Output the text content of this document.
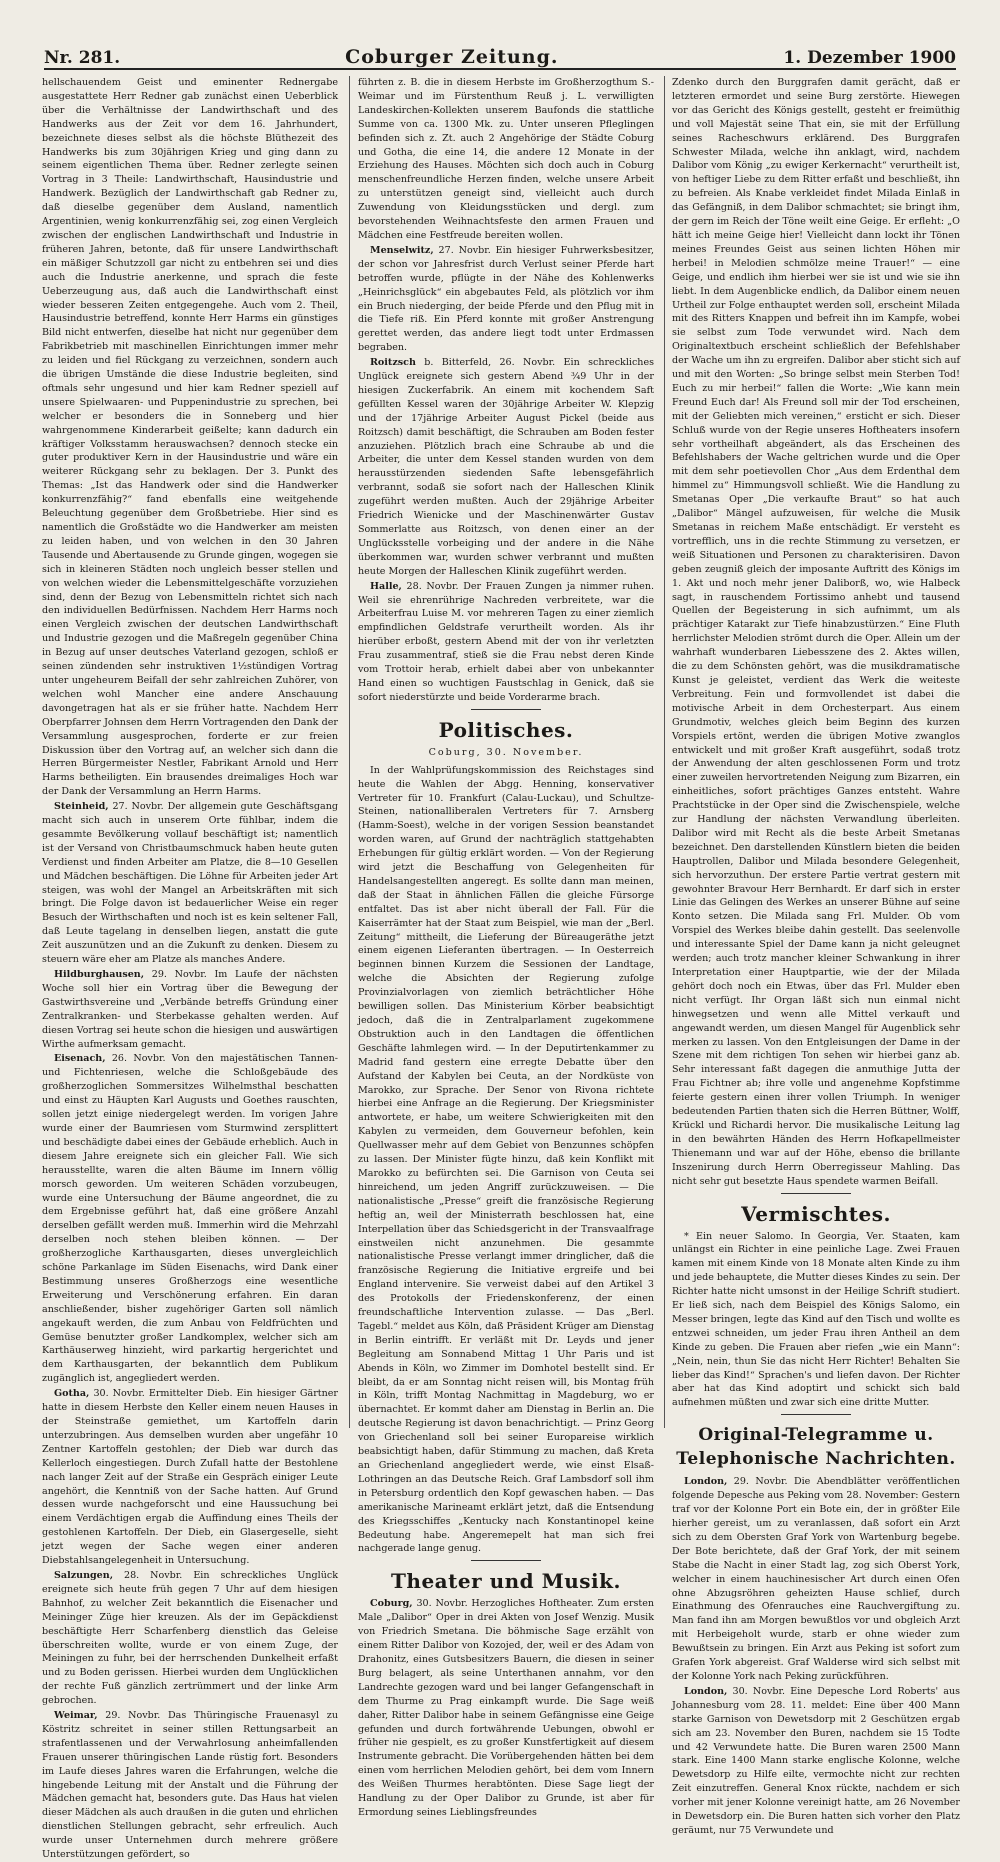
Nr. 281.	Coburger Zeitung.	1. Dezember 1900

hellschauendem Geist und eminenter Rednergabe ausgestattete Herr Redner gab zunächst einen Ueberblick über die Verhältnisse der Landwirthschaft und des Handwerks aus der Zeit vor dem 16. Jahrhundert, bezeichnete dieses selbst als die höchste Blüthezeit des Handwerks bis zum 30jährigen Krieg und ging dann zu seinem eigentlichen Thema über. Redner zerlegte seinen Vortrag in 3 Theile: Landwirthschaft, Hausindustrie und Handwerk. Bezüglich der Landwirthschaft gab Redner zu, daß dieselbe gegenüber dem Ausland, namentlich Argentinien, wenig konkurrenzfähig sei, zog einen Vergleich zwischen der englischen Landwirthschaft und Industrie in früheren Jahren, betonte, daß für unsere Landwirthschaft ein mäßiger Schutzzoll gar nicht zu entbehren sei und dies auch die Industrie anerkenne, und sprach die feste Ueberzeugung aus, daß auch die Landwirthschaft einst wieder besseren Zeiten entgegengehe. Auch vom 2. Theil, Hausindustrie betreffend, konnte Herr Harms ein günstiges Bild nicht entwerfen, dieselbe hat nicht nur gegenüber dem Fabrikbetrieb mit maschinellen Einrichtungen immer mehr zu leiden und fiel Rückgang zu verzeichnen, sondern auch die übrigen Umstände die diese Industrie begleiten, sind oftmals sehr ungesund und hier kam Redner speziell auf unsere Spielwaaren- und Puppenindustrie zu sprechen, bei welcher er besonders die in Sonneberg und hier wahrgenommene Kinderarbeit geißelte; kann dadurch ein kräftiger Volksstamm herauswachsen? dennoch stecke ein guter produktiver Kern in der Hausindustrie und wäre ein weiterer Rückgang sehr zu beklagen. Der 3. Punkt des Themas: „Ist das Handwerk oder sind die Handwerker konkurrenzfähig?“ fand ebenfalls eine weitgehende Beleuchtung gegenüber dem Großbetriebe. Hier sind es namentlich die Großstädte wo die Handwerker am meisten zu leiden haben, und von welchen in den 30 Jahren Tausende und Abertausende zu Grunde gingen, wogegen sie sich in kleineren Städten noch ungleich besser stellen und von welchen wieder die Lebensmittelgeschäfte vorzuziehen sind, denn der Bezug von Lebensmitteln richtet sich nach den individuellen Bedürfnissen. Nachdem Herr Harms noch einen Vergleich zwischen der deutschen Landwirthschaft und Industrie gezogen und die Maßregeln gegenüber China in Bezug auf unser deutsches Vaterland gezogen, schloß er seinen zündenden sehr instruktiven 1½stündigen Vortrag unter ungeheurem Beifall der sehr zahlreichen Zuhörer, von welchen wohl Mancher eine andere Anschauung davongetragen hat als er sie früher hatte. Nachdem Herr Oberpfarrer Johnsen dem Herrn Vortragenden den Dank der Versammlung ausgesprochen, forderte er zur freien Diskussion über den Vortrag auf, an welcher sich dann die Herren Bürgermeister Nestler, Fabrikant Arnold und Herr Harms betheiligten. Ein brausendes dreimaliges Hoch war der Dank der Versammlung an Herrn Harms.

Steinheid, 27. Novbr. Der allgemein gute Geschäftsgang macht sich auch in unserem Orte fühlbar, indem die gesammte Bevölkerung vollauf beschäftigt ist; namentlich ist der Versand von Christbaumschmuck haben heute guten Verdienst und finden Arbeiter am Platze, die 8—10 Gesellen und Mädchen beschäftigen. Die Löhne für Arbeiten jeder Art steigen, was wohl der Mangel an Arbeitskräften mit sich bringt. Die Folge davon ist bedauerlicher Weise ein reger Besuch der Wirthschaften und noch ist es kein seltener Fall, daß Leute tagelang in denselben liegen, anstatt die gute Zeit auszunützen und an die Zukunft zu denken. Diesem zu steuern wäre eher am Platze als manches Andere.

Hildburghausen, 29. Novbr. Im Laufe der nächsten Woche soll hier ein Vortrag über die Bewegung der Gastwirthsvereine und „Verbände betreffs Gründung einer Zentralkranken- und Sterbekasse gehalten werden. Auf diesen Vortrag sei heute schon die hiesigen und auswärtigen Wirthe aufmerksam gemacht.

Eisenach, 26. Novbr. Von den majestätischen Tannen- und Fichtenriesen, welche die Schloßgebäude des großherzoglichen Sommersitzes Wilhelmsthal beschatten und einst zu Häupten Karl Augusts und Goethes rauschten, sollen jetzt einige niedergelegt werden. Im vorigen Jahre wurde einer der Baumriesen vom Sturmwind zersplittert und beschädigte dabei eines der Gebäude erheblich. Auch in diesem Jahre ereignete sich ein gleicher Fall. Wie sich herausstellte, waren die alten Bäume im Innern völlig morsch geworden. Um weiteren Schäden vorzubeugen, wurde eine Untersuchung der Bäume angeordnet, die zu dem Ergebnisse geführt hat, daß eine größere Anzahl derselben gefällt werden muß. Immerhin wird die Mehrzahl derselben noch stehen bleiben können. — Der großherzogliche Karthausgarten, dieses unvergleichlich schöne Parkanlage im Süden Eisenachs, wird Dank einer Bestimmung unseres Großherzogs eine wesentliche Erweiterung und Verschönerung erfahren. Ein daran anschließender, bisher zugehöriger Garten soll nämlich angekauft werden, die zum Anbau von Feldfrüchten und Gemüse benutzter großer Landkomplex, welcher sich am Karthäuserweg hinzieht, wird parkartig hergerichtet und dem Karthausgarten, der bekanntlich dem Publikum zugänglich ist, angegliedert werden.

Gotha, 30. Novbr. Ermittelter Dieb. Ein hiesiger Gärtner hatte in diesem Herbste den Keller einem neuen Hauses in der Steinstraße gemiethet, um Kartoffeln darin unterzubringen. Aus demselben wurden aber ungefähr 10 Zentner Kartoffeln gestohlen; der Dieb war durch das Kellerloch eingestiegen. Durch Zufall hatte der Bestohlene nach langer Zeit auf der Straße ein Gespräch einiger Leute angehört, die Kenntniß von der Sache hatten. Auf Grund dessen wurde nachgeforscht und eine Haussuchung bei einem Verdächtigen ergab die Auffindung eines Theils der gestohlenen Kartoffeln. Der Dieb, ein Glasergeselle, sieht jetzt wegen der Sache wegen einer anderen Diebstahlsangelegenheit in Untersuchung.

Salzungen, 28. Novbr. Ein schreckliches Unglück ereignete sich heute früh gegen 7 Uhr auf dem hiesigen Bahnhof, zu welcher Zeit bekanntlich die Eisenacher und Meininger Züge hier kreuzen. Als der im Gepäckdienst beschäftigte Herr Scharfenberg dienstlich das Geleise überschreiten wollte, wurde er von einem Zuge, der Meiningen zu fuhr, bei der herrschenden Dunkelheit erfaßt und zu Boden gerissen. Hierbei wurden dem Unglücklichen der rechte Fuß gänzlich zertrümmert und der linke Arm gebrochen.

Weimar, 29. Novbr. Das Thüringische Frauenasyl zu Köstritz schreitet in seiner stillen Rettungsarbeit an strafentlassenen und der Verwahrlosung anheimfallenden Frauen unserer thüringischen Lande rüstig fort. Besonders im Laufe dieses Jahres waren die Erfahrungen, welche die hingebende Leitung mit der Anstalt und die Führung der Mädchen gemacht hat, besonders gute. Das Haus hat vielen dieser Mädchen als auch draußen in die guten und ehrlichen dienstlichen Stellungen gebracht, sehr erfreulich. Auch wurde unser Unternehmen durch mehrere größere Unterstützungen gefördert, so

führten z. B. die in diesem Herbste im Großherzogthum S.-Weimar und im Fürstenthum Reuß j. L. verwilligten Landeskirchen-Kollekten unserem Baufonds die stattliche Summe von ca. 1300 Mk. zu. Unter unseren Pfleglingen befinden sich z. Zt. auch 2 Angehörige der Städte Coburg und Gotha, die eine 14, die andere 12 Monate in der Erziehung des Hauses. Möchten sich doch auch in Coburg menschenfreundliche Herzen finden, welche unsere Arbeit zu unterstützen geneigt sind, vielleicht auch durch Zuwendung von Kleidungsstücken und dergl. zum bevorstehenden Weihnachtsfeste den armen Frauen und Mädchen eine Festfreude bereiten wollen.

Menselwitz, 27. Novbr. Ein hiesiger Fuhrwerksbesitzer, der schon vor Jahresfrist durch Verlust seiner Pferde hart betroffen wurde, pflügte in der Nähe des Kohlenwerks „Heinrichsglück“ ein abgebautes Feld, als plötzlich vor ihm ein Bruch niederging, der beide Pferde und den Pflug mit in die Tiefe riß. Ein Pferd konnte mit großer Anstrengung gerettet werden, das andere liegt todt unter Erdmassen begraben.

Roitzsch b. Bitterfeld, 26. Novbr. Ein schreckliches Unglück ereignete sich gestern Abend ¾9 Uhr in der hiesigen Zuckerfabrik. An einem mit kochendem Saft gefüllten Kessel waren der 30jährige Arbeiter W. Klepzig und der 17jährige Arbeiter August Pickel (beide aus Roitzsch) damit beschäftigt, die Schrauben am Boden fester anzuziehen. Plötzlich brach eine Schraube ab und die Arbeiter, die unter dem Kessel standen wurden von dem herausstürzenden siedenden Safte lebensgefährlich verbrannt, sodaß sie sofort nach der Halleschen Klinik zugeführt werden mußten. Auch der 29jährige Arbeiter Friedrich Wienicke und der Maschinenwärter Gustav Sommerlatte aus Roitzsch, von denen einer an der Unglücksstelle vorbeiging und der andere in die Nähe überkommen war, wurden schwer verbrannt und mußten heute Morgen der Halleschen Klinik zugeführt werden.

Halle, 28. Novbr. Der Frauen Zungen ja nimmer ruhen. Weil sie ehrenrührige Nachreden verbreitete, war die Arbeiterfrau Luise M. vor mehreren Tagen zu einer ziemlich empfindlichen Geldstrafe verurtheilt worden. Als ihr hierüber erboßt, gestern Abend mit der von ihr verletzten Frau zusammentraf, stieß sie die Frau nebst deren Kinde vom Trottoir herab, erhielt dabei aber von unbekannter Hand einen so wuchtigen Faustschlag in Genick, daß sie sofort niederstürzte und beide Vorderarme brach.

Politisches.

Coburg, 30. November.

In der Wahlprüfungskommission des Reichstages sind heute die Wahlen der Abgg. Henning, konservativer Vertreter für 10. Frankfurt (Calau-Luckau), und Schultze-Steinen, nationalliberalen Vertreters für 7. Arnsberg (Hamm-Soest), welche in der vorigen Session beanstandet worden waren, auf Grund der nachträglich stattgehabten Erhebungen für gültig erklärt worden. — Von der Regierung wird jetzt die Beschaffung von Gelegenheiten für Handelsangestellten angeregt. Es sollte dann man meinen, daß der Staat in ähnlichen Fällen die gleiche Fürsorge entfaltet. Das ist aber nicht überall der Fall. Für die Kaiserrämter hat der Staat zum Beispiel, wie man der „Berl. Zeitung“ mittheilt, die Lieferung der Büreaugeräthe jetzt einem eigenen Lieferanten übertragen. — In Oesterreich beginnen binnen Kurzem die Sessionen der Landtage, welche die Absichten der Regierung zufolge Provinzialvorlagen von ziemlich beträchtlicher Höhe bewilligen sollen. Das Ministerium Körber beabsichtigt jedoch, daß die in Zentralparlament zugekommene Obstruktion auch in den Landtagen die öffentlichen Geschäfte lahmlegen wird. — In der Deputirtenkammer zu Madrid fand gestern eine erregte Debatte über den Aufstand der Kabylen bei Ceuta, an der Nordküste von Marokko, zur Sprache. Der Senor von Rivona richtete hierbei eine Anfrage an die Regierung. Der Kriegsminister antwortete, er habe, um weitere Schwierigkeiten mit den Kabylen zu vermeiden, dem Gouverneur befohlen, kein Quellwasser mehr auf dem Gebiet von Benzunnes schöpfen zu lassen. Der Minister fügte hinzu, daß kein Konflikt mit Marokko zu befürchten sei. Die Garnison von Ceuta sei hinreichend, um jeden Angriff zurückzuweisen. — Die nationalistische „Presse“ greift die französische Regierung heftig an, weil der Ministerrath beschlossen hat, eine Interpellation über das Schiedsgericht in der Transvaalfrage einstweilen nicht anzunehmen. Die gesammte nationalistische Presse verlangt immer dringlicher, daß die französische Regierung die Initiative ergreife und bei England intervenire. Sie verweist dabei auf den Artikel 3 des Protokolls der Friedenskonferenz, der einen freundschaftliche Intervention zulasse. — Das „Berl. Tagebl.“ meldet aus Köln, daß Präsident Krüger am Dienstag in Berlin eintrifft. Er verläßt mit Dr. Leyds und jener Begleitung am Sonnabend Mittag 1 Uhr Paris und ist Abends in Köln, wo Zimmer im Domhotel bestellt sind. Er bleibt, da er am Sonntag nicht reisen will, bis Montag früh in Köln, trifft Montag Nachmittag in Magdeburg, wo er übernachtet. Er kommt daher am Dienstag in Berlin an. Die deutsche Regierung ist davon benachrichtigt. — Prinz Georg von Griechenland soll bei seiner Europareise wirklich beabsichtigt haben, dafür Stimmung zu machen, daß Kreta an Griechenland angegliedert werde, wie einst Elsaß-Lothringen an das Deutsche Reich. Graf Lambsdorf soll ihm in Petersburg ordentlich den Kopf gewaschen haben. — Das amerikanische Marineamt erklärt jetzt, daß die Entsendung des Kriegsschiffes „Kentucky nach Konstantinopel keine Bedeutung habe. Angeremepelt hat man sich frei nachgerade lange genug.

Theater und Musik.

Coburg, 30. Novbr. Herzogliches Hoftheater. Zum ersten Male „Dalibor“ Oper in drei Akten von Josef Wenzig. Musik von Friedrich Smetana. Die böhmische Sage erzählt von einem Ritter Dalibor von Kozojed, der, weil er des Adam von Drahonitz, eines Gutsbesitzers Bauern, die diesen in seiner Burg belagert, als seine Unterthanen annahm, vor den Landrechte gezogen ward und bei langer Gefangenschaft in dem Thurme zu Prag einkampft wurde. Die Sage weiß daher, Ritter Dalibor habe in seinem Gefängnisse eine Geige gefunden und durch fortwährende Uebungen, obwohl er früher nie gespielt, es zu großer Kunstfertigkeit auf diesem Instrumente gebracht. Die Vorübergehenden hätten bei dem einen vom herrlichen Melodien gehört, bei dem vom Innern des Weißen Thurmes herabtönten. Diese Sage liegt der Handlung zu der Oper Dalibor zu Grunde, ist aber für Ermordung seines Lieblingsfreundes

Zdenko durch den Burggrafen damit gerächt, daß er letzteren ermordet und seine Burg zerstörte. Hiewegen vor das Gericht des Königs gestellt, gesteht er freimüthig und voll Majestät seine That ein, sie mit der Erfüllung seines Racheschwurs erklärend. Des Burggrafen Schwester Milada, welche ihn anklagt, wird, nachdem Dalibor vom König „zu ewiger Kerkernacht“ verurtheilt ist, von heftiger Liebe zu dem Ritter erfaßt und beschließt, ihn zu befreien. Als Knabe verkleidet findet Milada Einlaß in das Gefängniß, in dem Dalibor schmachtet; sie bringt ihm, der gern im Reich der Töne weilt eine Geige. Er erfleht: „O hätt ich meine Geige hier! Vielleicht dann lockt ihr Tönen meines Freundes Geist aus seinen lichten Höhen mir herbei! in Melodien schmölze meine Trauer!“ — eine Geige, und endlich ihm hierbei wer sie ist und wie sie ihn liebt. In dem Augenblicke endlich, da Dalibor einem neuen Urtheil zur Folge enthauptet werden soll, erscheint Milada mit des Ritters Knappen und befreit ihn im Kampfe, wobei sie selbst zum Tode verwundet wird. Nach dem Originaltextbuch erscheint schließlich der Befehlshaber der Wache um ihn zu ergreifen. Dalibor aber sticht sich auf und mit den Worten: „So bringe selbst mein Sterben Tod! Euch zu mir herbei!“ fallen die Worte: „Wie kann mein Freund Euch dar! Als Freund soll mir der Tod erscheinen, mit der Geliebten mich vereinen,“ ersticht er sich. Dieser Schluß wurde von der Regie unseres Hoftheaters insofern sehr vortheilhaft abgeändert, als das Erscheinen des Befehlshabers der Wache geltrichen wurde und die Oper mit dem sehr poetievollen Chor „Aus dem Erdenthal dem himmel zu“ Himmungsvoll schließt. Wie die Handlung zu Smetanas Oper „Die verkaufte Braut“ so hat auch „Dalibor“ Mängel aufzuweisen, für welche die Musik Smetanas in reichem Maße entschädigt. Er versteht es vortrefflich, uns in die rechte Stimmung zu versetzen, er weiß Situationen und Personen zu charakterisiren. Davon geben zeugniß gleich der imposante Auftritt des Königs im 1. Akt und noch mehr jener Daliborß, wo, wie Halbeck sagt, in rauschendem Fortissimo anhebt und tausend Quellen der Begeisterung in sich aufnimmt, um als prächtiger Katarakt zur Tiefe hinabzustürzen.“ Eine Fluth herrlichster Melodien strömt durch die Oper. Allein um der wahrhaft wunderbaren Liebesszene des 2. Aktes willen, die zu dem Schönsten gehört, was die musikdramatische Kunst je geleistet, verdient das Werk die weiteste Verbreitung. Fein und formvollendet ist dabei die motivische Arbeit in dem Orchesterpart. Aus einem Grundmotiv, welches gleich beim Beginn des kurzen Vorspiels ertönt, werden die übrigen Motive zwanglos entwickelt und mit großer Kraft ausgeführt, sodaß trotz der Anwendung der alten geschlossenen Form und trotz einer zuweilen hervortretenden Neigung zum Bizarren, ein einheitliches, sofort prächtiges Ganzes entsteht. Wahre Prachtstücke in der Oper sind die Zwischenspiele, welche zur Handlung der nächsten Verwandlung überleiten. Dalibor wird mit Recht als die beste Arbeit Smetanas bezeichnet. Den darstellenden Künstlern bieten die beiden Hauptrollen, Dalibor und Milada besondere Gelegenheit, sich hervorzuthun. Der erstere Partie vertrat gestern mit gewohnter Bravour Herr Bernhardt. Er darf sich in erster Linie das Gelingen des Werkes an unserer Bühne auf seine Konto setzen. Die Milada sang Frl. Mulder. Ob vom Vorspiel des Werkes bleibe dahin gestellt. Das seelenvolle und interessante Spiel der Dame kann ja nicht geleugnet werden; auch trotz mancher kleiner Schwankung in ihrer Interpretation einer Hauptpartie, wie der der Milada gehört doch noch ein Etwas, über das Frl. Mulder eben nicht verfügt. Ihr Organ läßt sich nun einmal nicht hinwegsetzen und wenn alle Mittel verkauft und angewandt werden, um diesen Mangel für Augenblick sehr merken zu lassen. Von den Entgleisungen der Dame in der Szene mit dem richtigen Ton sehen wir hierbei ganz ab. Sehr interessant faßt dagegen die anmuthige Jutta der Frau Fichtner ab; ihre volle und angenehme Kopfstimme feierte gestern einen ihrer vollen Triumph. In weniger bedeutenden Partien thaten sich die Herren Büttner, Wolff, Krückl und Richardi hervor. Die musikalische Leitung lag in den bewährten Händen des Herrn Hofkapellmeister Thienemann und war auf der Höhe, ebenso die brillante Inszenirung durch Herrn Oberregisseur Mahling. Das nicht sehr gut besetzte Haus spendete warmen Beifall.

Vermischtes.

* Ein neuer Salomo. In Georgia, Ver. Staaten, kam unlängst ein Richter in eine peinliche Lage. Zwei Frauen kamen mit einem Kinde von 18 Monate alten Kinde zu ihm und jede behauptete, die Mutter dieses Kindes zu sein. Der Richter hatte nicht umsonst in der Heilige Schrift studiert. Er ließ sich, nach dem Beispiel des Königs Salomo, ein Messer bringen, legte das Kind auf den Tisch und wollte es entzwei schneiden, um jeder Frau ihren Antheil an dem Kinde zu geben. Die Frauen aber riefen „wie ein Mann“: „Nein, nein, thun Sie das nicht Herr Richter! Behalten Sie lieber das Kind!“ Sprachen's und liefen davon. Der Richter aber hat das Kind adoptirt und schickt sich bald aufnehmen müßten und zwar sich eine dritte Mutter.

Original-Telegramme u. Telephonische Nachrichten.

London, 29. Novbr. Die Abendblätter veröffentlichen folgende Depesche aus Peking vom 28. November: Gestern traf vor der Kolonne Port ein Bote ein, der in größter Eile hierher gereist, um zu veranlassen, daß sofort ein Arzt sich zu dem Obersten Graf York von Wartenburg begebe. Der Bote berichtete, daß der Graf York, der mit seinem Stabe die Nacht in einer Stadt lag, zog sich Oberst York, welcher in einem hauchinesischer Art durch einen Ofen ohne Abzugsröhren geheizten Hause schlief, durch Einathmung des Ofenrauches eine Rauchvergiftung zu. Man fand ihn am Morgen bewußtlos vor und obgleich Arzt mit Herbeigeholt wurde, starb er ohne wieder zum Bewußtsein zu bringen. Ein Arzt aus Peking ist sofort zum Grafen York abgereist. Graf Walderse wird sich selbst mit der Kolonne York nach Peking zurückführen.

London, 30. Novbr. Eine Depesche Lord Roberts' aus Johannesburg vom 28. 11. meldet: Eine über 400 Mann starke Garnison von Dewetsdorp mit 2 Geschützen ergab sich am 23. November den Buren, nachdem sie 15 Todte und 42 Verwundete hatte. Die Buren waren 2500 Mann stark. Eine 1400 Mann starke englische Kolonne, welche Dewetsdorp zu Hilfe eilte, vermochte nicht zur rechten Zeit einzutreffen. General Knox rückte, nachdem er sich vorher mit jener Kolonne vereinigt hatte, am 26 November in Dewetsdorp ein. Die Buren hatten sich vorher den Platz geräumt, nur 75 Verwundete und
